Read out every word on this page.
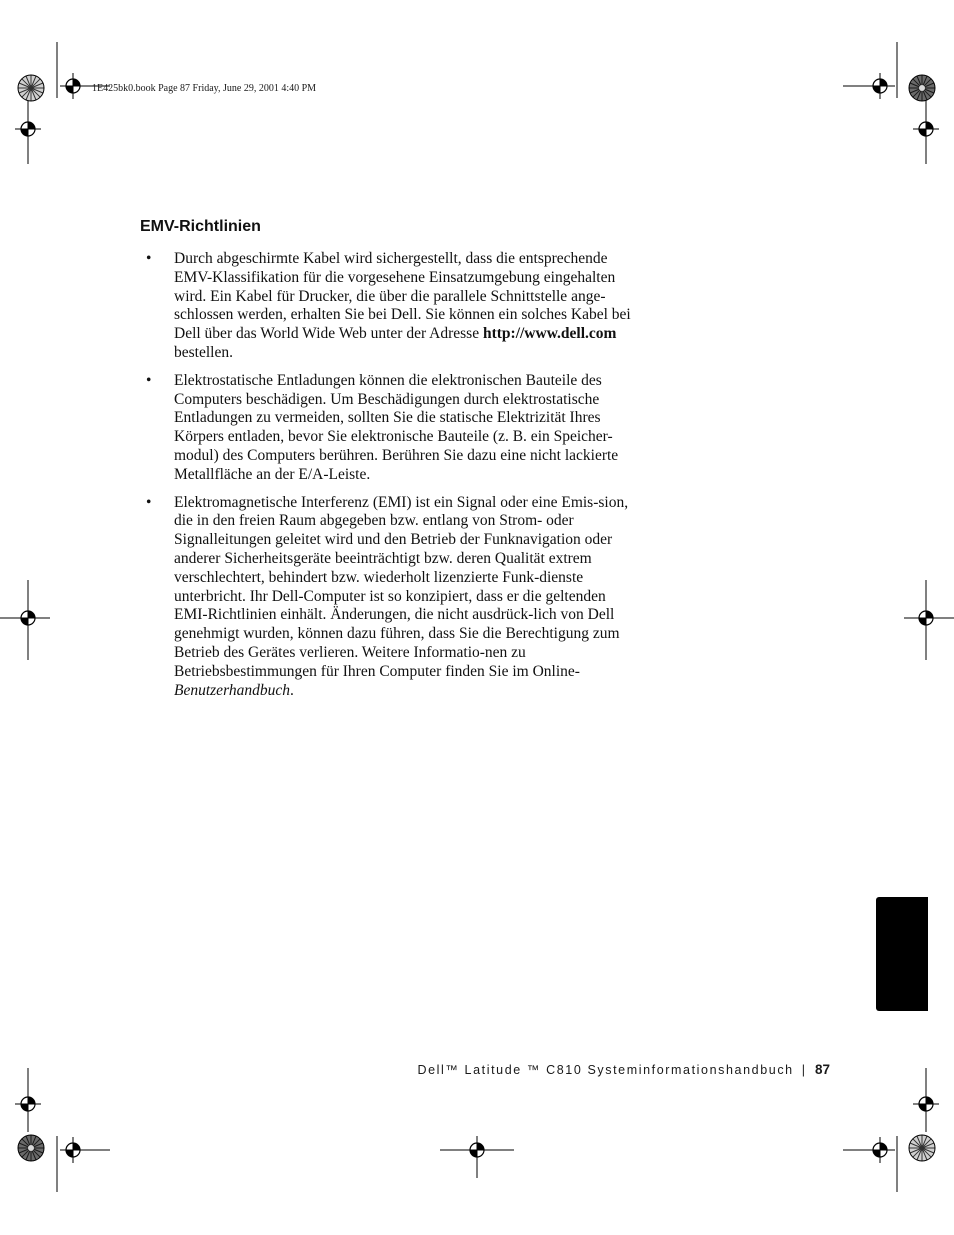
1E425bk0.book Page 87 Friday, June 29, 2001 4:40 PM
EMV-Richtlinien
• Durch abgeschirmte Kabel wird sichergestellt, dass die entsprechende EMV-Klassifikation für die vorgesehene Einsatzumgebung eingehalten wird. Ein Kabel für Drucker, die über die parallele Schnittstelle ange-schlossen werden, erhalten Sie bei Dell. Sie können ein solches Kabel bei Dell über das World Wide Web unter der Adresse http://www.dell.com bestellen.
• Elektrostatische Entladungen können die elektronischen Bauteile des Computers beschädigen. Um Beschädigungen durch elektrostatische Entladungen zu vermeiden, sollten Sie die statische Elektrizität Ihres Körpers entladen, bevor Sie elektronische Bauteile (z. B. ein Speicher-modul) des Computers berühren. Berühren Sie dazu eine nicht lackierte Metallfläche an der E/A-Leiste.
• Elektromagnetische Interferenz (EMI) ist ein Signal oder eine Emis-sion, die in den freien Raum abgegeben bzw. entlang von Strom- oder Signalleitungen geleitet wird und den Betrieb der Funknavigation oder anderer Sicherheitsgeräte beeinträchtigt bzw. deren Qualität extrem verschlechtert, behindert bzw. wiederholt lizenzierte Funk-dienste unterbricht. Ihr Dell-Computer ist so konzipiert, dass er die geltenden EMI-Richtlinien einhält. Änderungen, die nicht ausdrück-lich von Dell genehmigt wurden, können dazu führen, dass Sie die Berechtigung zum Betrieb des Gerätes verlieren. Weitere Informatio-nen zu Betriebsbestimmungen für Ihren Computer finden Sie im Online-Benutzerhandbuch.
Dell™ Latitude ™ C810 Systeminformationshandbuch | 87
